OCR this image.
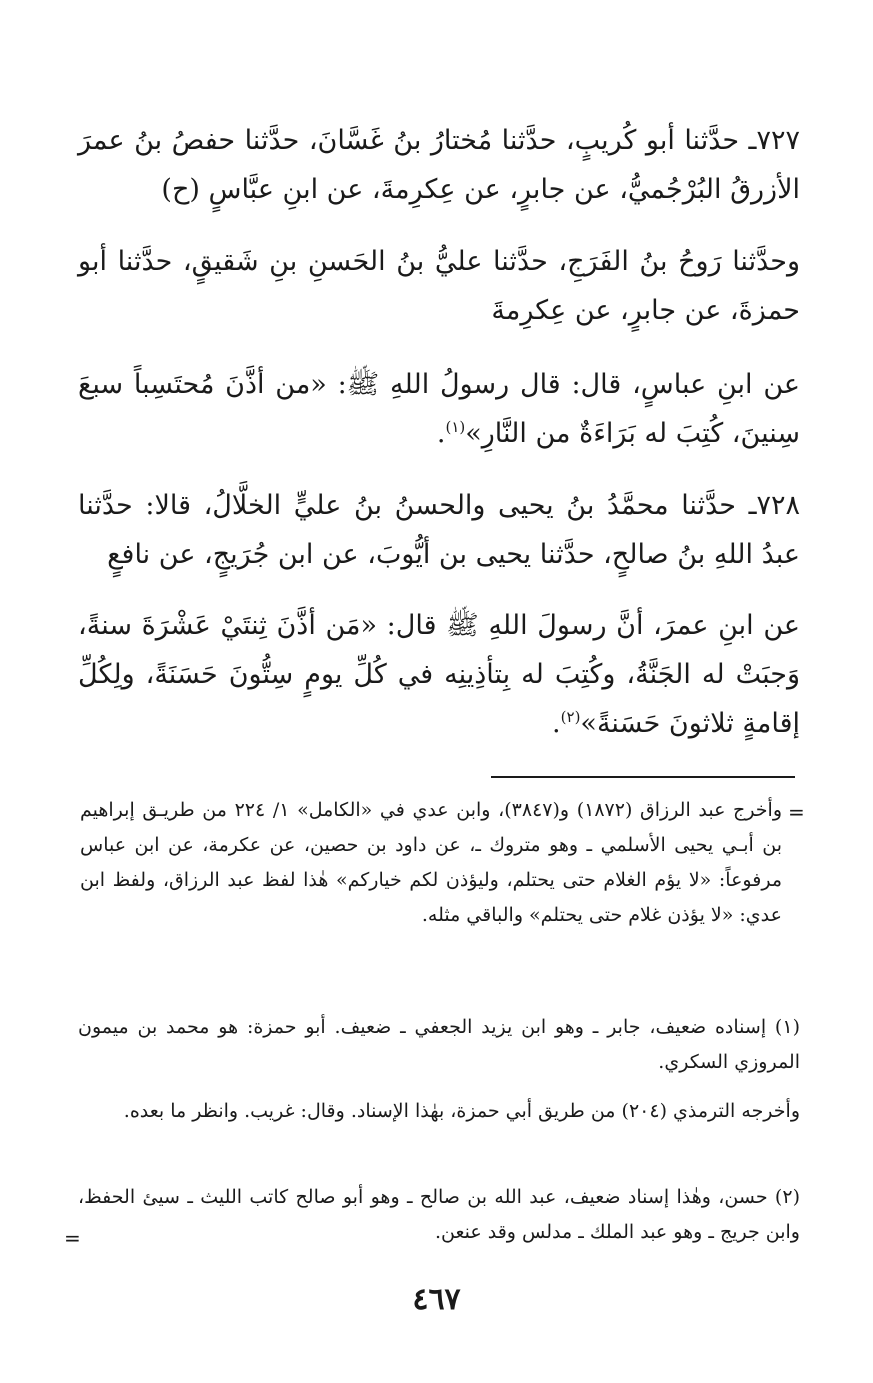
٧٢٧ـ حدَّثنا أبو كُريبٍ، حدَّثنا مُختارُ بنُ غَسَّانَ، حدَّثنا حفصُ بنُ عمرَ الأزرقُ البُرْجُميُّ، عن جابرٍ، عن عِكرِمةَ، عن ابنِ عبَّاسٍ (ح)

وحدَّثنا رَوحُ بنُ الفَرَجِ، حدَّثنا عليُّ بنُ الحَسنِ بنِ شَقيقٍ، حدَّثنا أبو حمزةَ، عن جابرٍ، عن عِكرِمةَ

عن ابنِ عباسٍ، قال: قال رسولُ اللهِ ﷺ: «من أذَّنَ مُحتَسِباً سبعَ سِنينَ، كُتِبَ له بَرَاءَةٌ من النَّارِ»$^{(١)}$.

٧٢٨ـ حدَّثنا محمَّدُ بنُ يحيى والحسنُ بنُ عليٍّ الخلَّالُ، قالا: حدَّثنا عبدُ اللهِ بنُ صالحٍ، حدَّثنا يحيى بن أيُّوبَ، عن ابن جُرَيجٍ، عن نافعٍ

عن ابنِ عمرَ، أنَّ رسولَ اللهِ ﷺ قال: «مَن أذَّنَ ثِنتَيْ عَشْرَةَ سنةً، وَجبَتْ له الجَنَّةُ، وكُتِبَ له بِتأذِينِه في كُلِّ يومٍ سِتُّونَ حَسَنَةً، ولِكُلِّ إقامةٍ ثلاثونَ حَسَنةً»$^{(٢)}$.

=

وأخرج عبد الرزاق (١٨٧٢) و(٣٨٤٧)، وابن عدي في «الكامل» ١/ ٢٢٤ من طريـق إبراهيم بن أبـي يحيى الأسلمي ـ وهو متروك ـ، عن داود بن حصين، عن عكرمة، عن ابن عباس مرفوعاً: «لا يؤم الغلام حتى يحتلم، وليؤذن لكم خياركم» هٰذا لفظ عبد الرزاق، ولفظ ابن عدي: «لا يؤذن غلام حتى يحتلم» والباقي مثله.

(١) إسناده ضعيف، جابر ـ وهو ابن يزيد الجعفي ـ ضعيف. أبو حمزة: هو محمد بن ميمون المروزي السكري.

وأخرجه الترمذي (٢٠٤) من طريق أبي حمزة، بهٰذا الإسناد. وقال: غريب. وانظر ما بعده.

(٢) حسن، وهٰذا إسناد ضعيف، عبد الله بن صالح ـ وهو أبو صالح كاتب الليث ـ سيئ الحفظ، وابن جريج ـ وهو عبد الملك ـ مدلس وقد عنعن.

=
٤٦٧
